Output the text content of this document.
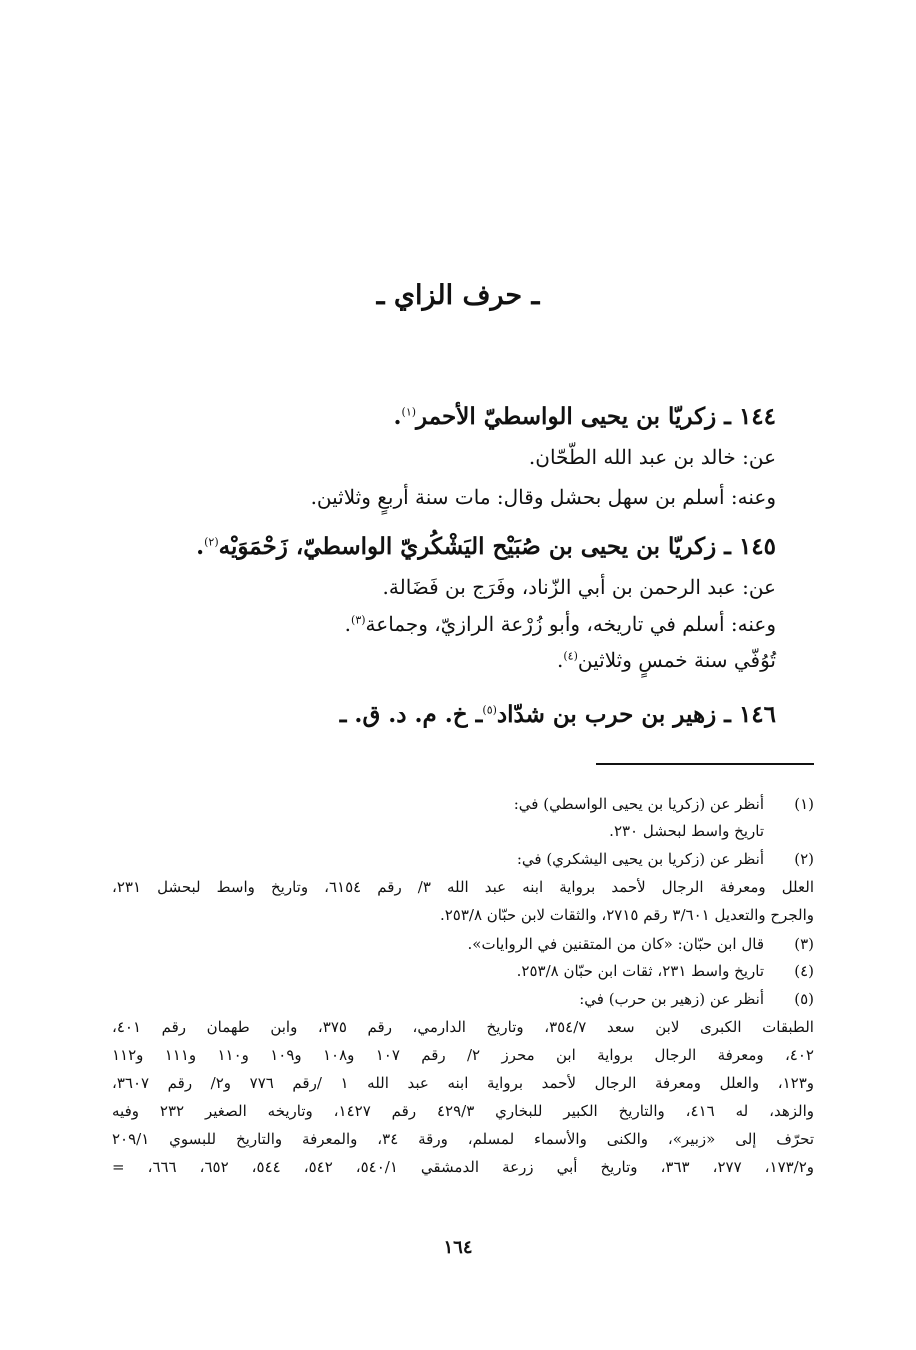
ـ حرف الزاي ـ
١٤٤ ـ زكريّا بن يحيى الواسطيّ الأحمر$^{(١)}$.
عن: خالد بن عبد الله الطّحّان.
وعنه: أسلم بن سهل بحشل وقال: مات سنة أربعٍ وثلاثين.
١٤٥ ـ زكريّا بن يحيى بن صُبَيْح اليَشْكُريّ الواسطيّ، زَحْمَوَيْه$^{(٢)}$.
عن: عبد الرحمن بن أبي الزّناد، وفَرَج بن فَضَالة.
وعنه: أسلم في تاريخه، وأبو زُرْعة الرازيّ، وجماعة$^{(٣)}$.
تُوُفّي سنة خمسٍ وثلاثين$^{(٤)}$.
١٤٦ ـ زهير بن حرب بن شدّاد$^{(٥)}$ـ خ. م. د. ق. ـ
(١)
أنظر عن (زكريا بن يحيى الواسطي) في:
تاريخ واسط لبحشل ٢٣٠.
(٢)
أنظر عن (زكريا بن يحيى اليشكري) في:
العلل ومعرفة الرجال لأحمد برواية ابنه عبد الله ٣/ رقم ٦١٥٤، وتاريخ واسط لبحشل ٢٣١،
والجرح والتعديل ٣/٦٠١ رقم ٢٧١٥، والثقات لابن حبّان ٢٥٣/٨.
(٣)
قال ابن حبّان: «كان من المتقنين في الروايات».
(٤)
تاريخ واسط ٢٣١، ثقات ابن حبّان ٢٥٣/٨.
(٥)
أنظر عن (زهير بن حرب) في:
الطبقات الكبرى لابن سعد ٣٥٤/٧، وتاريخ الدارمي، رقم ٣٧٥، وابن طهمان رقم ٤٠١،
٤٠٢، ومعرفة الرجال برواية ابن محرز ٢/ رقم ١٠٧ و١٠٨ و١٠٩ و١١٠ و١١١ و١١٢
و١٢٣، والعلل ومعرفة الرجال لأحمد برواية ابنه عبد الله ١ /رقم ٧٧٦ و٢/ رقم ٣٦٠٧،
والزهد، له ٤١٦، والتاريخ الكبير للبخاري ٤٢٩/٣ رقم ١٤٢٧، وتاريخه الصغير ٢٣٢ وفيه
تحرّف إلى «زبير»، والكنى والأسماء لمسلم، ورقة ٣٤، والمعرفة والتاريخ للبسوي ٢٠٩/١
و١٧٣/٢، ٢٧٧، ٣٦٣، وتاريخ أبي زرعة الدمشقي ٥٤٠/١، ٥٤٢، ٥٤٤، ٦٥٢، ٦٦٦، =
١٦٤
